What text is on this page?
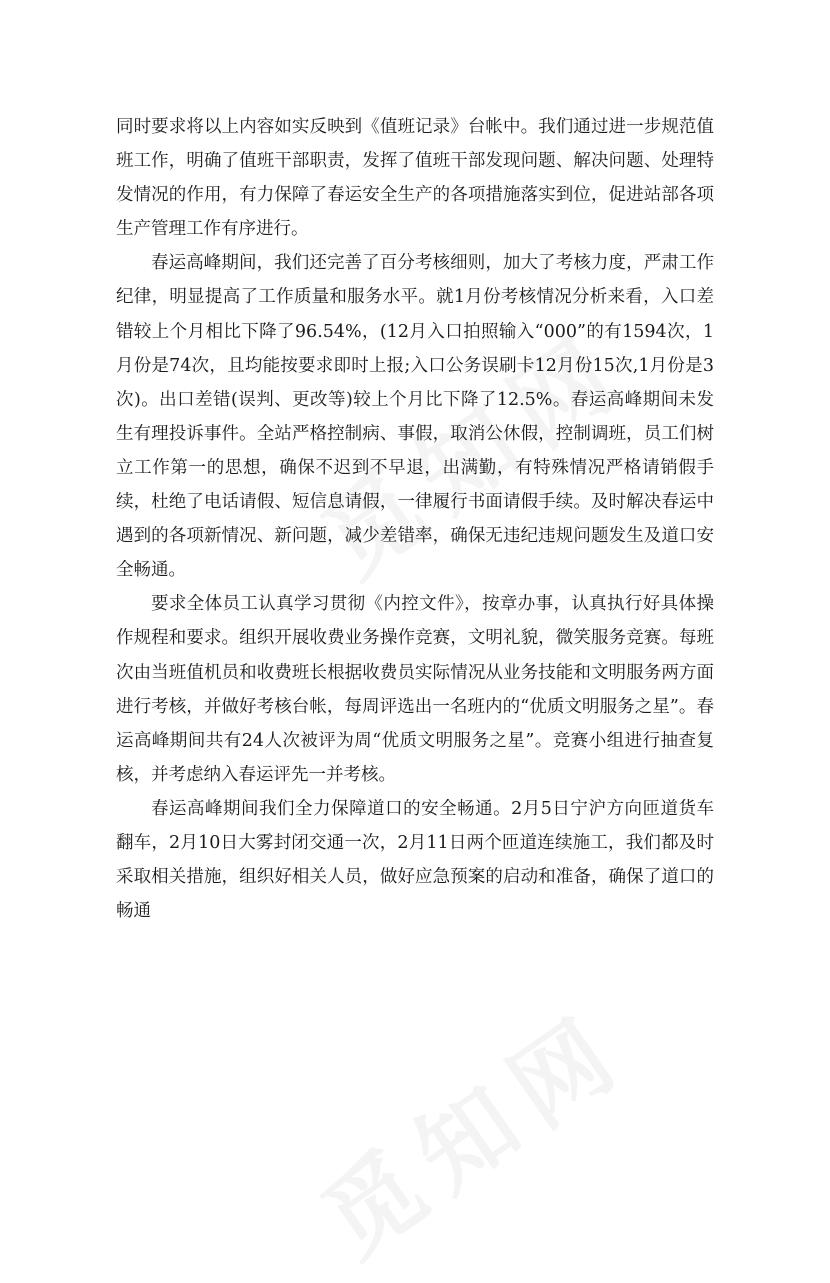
同时要求将以上内容如实反映到《值班记录》台帐中。我们通过进一步规范值班工作，明确了值班干部职责，发挥了值班干部发现问题、解决问题、处理特发情况的作用，有力保障了春运安全生产的各项措施落实到位，促进站部各项生产管理工作有序进行。

春运高峰期间，我们还完善了百分考核细则，加大了考核力度，严肃工作纪律，明显提高了工作质量和服务水平。就1月份考核情况分析来看，入口差错较上个月相比下降了96.54%，(12月入口拍照输入“000”的有1594次，1月份是74次，且均能按要求即时上报;入口公务误刷卡12月份15次,1月份是3次)。出口差错(误判、更改等)较上个月比下降了12.5%。春运高峰期间未发生有理投诉事件。全站严格控制病、事假，取消公休假，控制调班，员工们树立工作第一的思想，确保不迟到不早退，出满勤，有特殊情况严格请销假手续，杜绝了电话请假、短信息请假，一律履行书面请假手续。及时解决春运中遇到的各项新情况、新问题，减少差错率，确保无违纪违规问题发生及道口安全畅通。

要求全体员工认真学习贯彻《内控文件》，按章办事，认真执行好具体操作规程和要求。组织开展收费业务操作竞赛，文明礼貌，微笑服务竞赛。每班次由当班值机员和收费班长根据收费员实际情况从业务技能和文明服务两方面进行考核，并做好考核台帐，每周评选出一名班内的“优质文明服务之星”。春运高峰期间共有24人次被评为周“优质文明服务之星”。竞赛小组进行抽查复核，并考虑纳入春运评先一并考核。

春运高峰期间我们全力保障道口的安全畅通。2月5日宁沪方向匝道货车翻车，2月10日大雾封闭交通一次，2月11日两个匝道连续施工，我们都及时采取相关措施，组织好相关人员，做好应急预案的启动和准备，确保了道口的畅通
